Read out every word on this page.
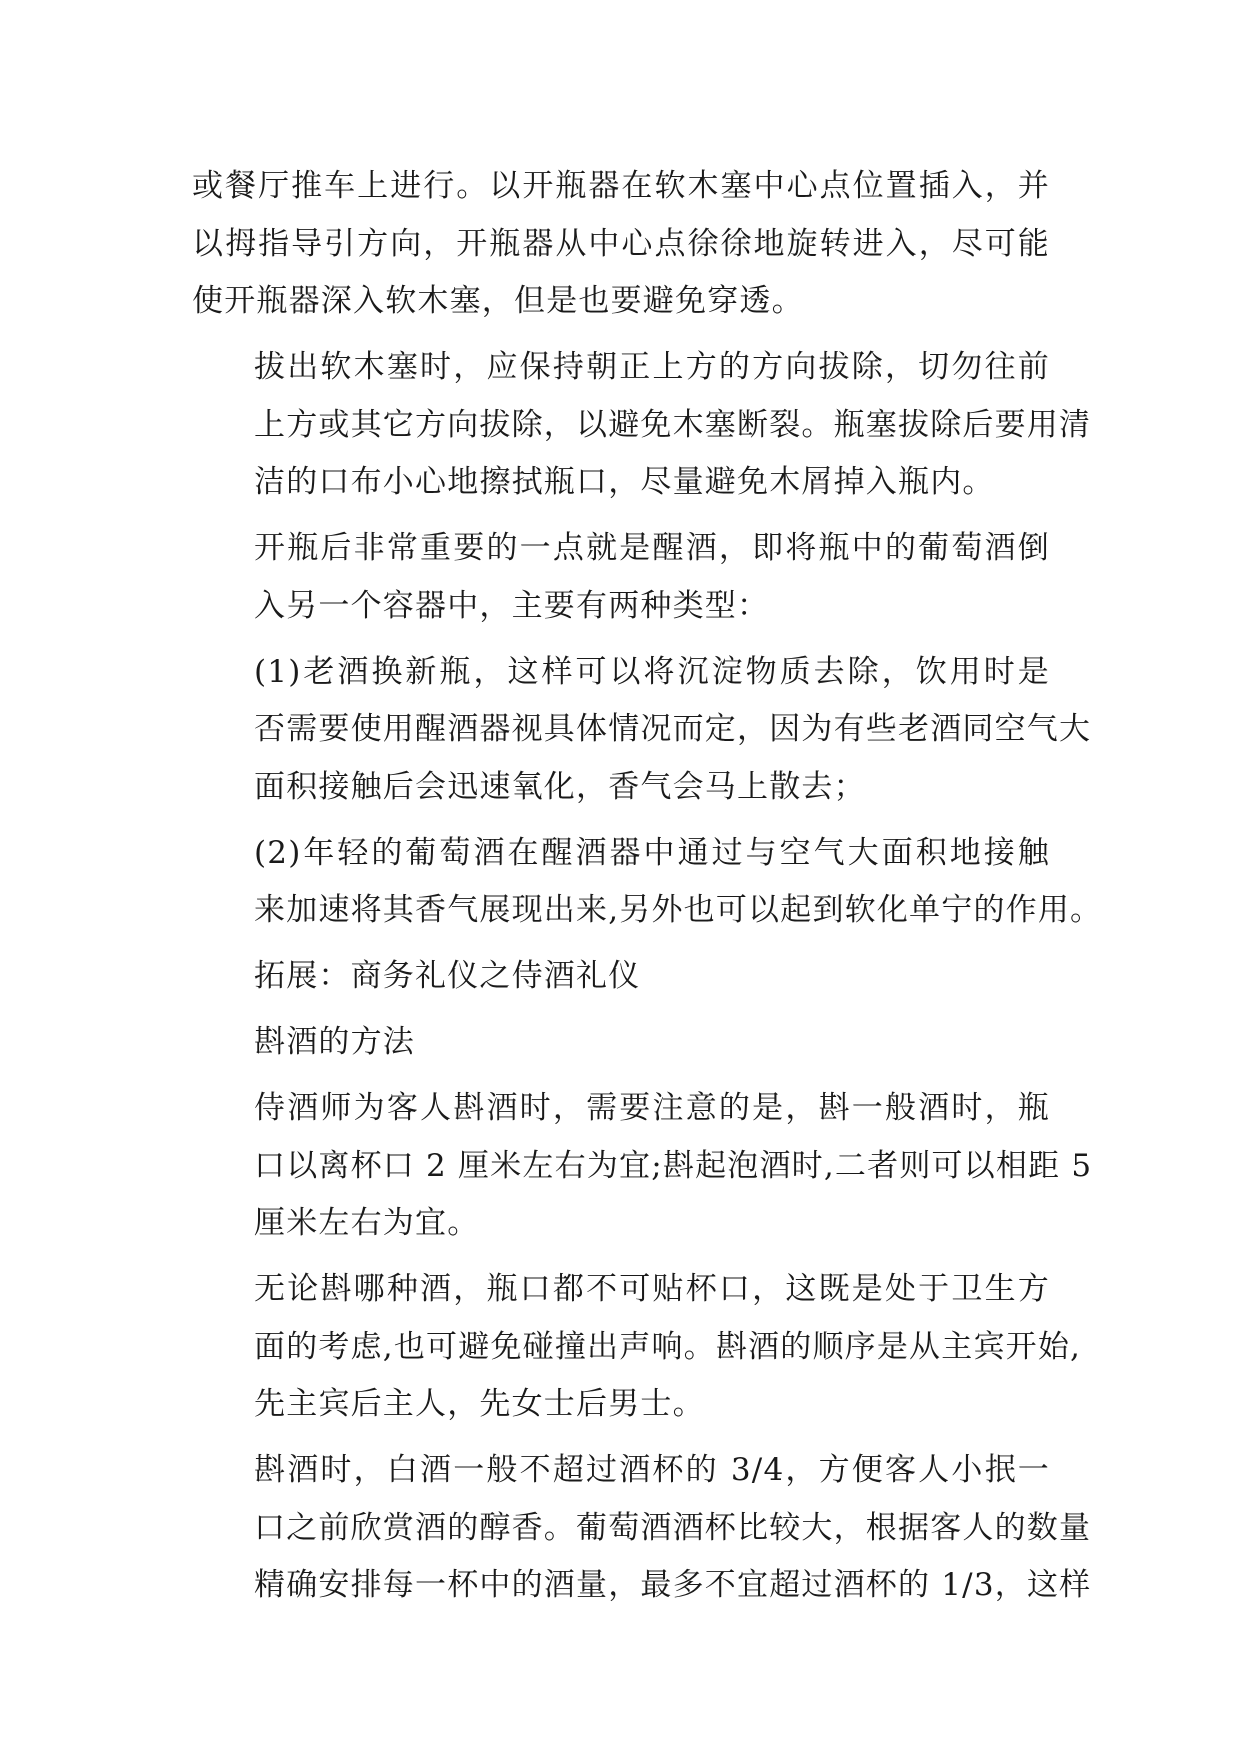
或餐厅推车上进行。以开瓶器在软木塞中心点位置插入，并
以拇指导引方向，开瓶器从中心点徐徐地旋转进入，尽可能
使开瓶器深入软木塞，但是也要避免穿透。

拔出软木塞时，应保持朝正上方的方向拔除，切勿往前
上方或其它方向拔除，以避免木塞断裂。瓶塞拔除后要用清
洁的口布小心地擦拭瓶口，尽量避免木屑掉入瓶内。

开瓶后非常重要的一点就是醒酒，即将瓶中的葡萄酒倒
入另一个容器中，主要有两种类型：

(1)老酒换新瓶，这样可以将沉淀物质去除，饮用时是
否需要使用醒酒器视具体情况而定，因为有些老酒同空气大
面积接触后会迅速氧化，香气会马上散去；

(2)年轻的葡萄酒在醒酒器中通过与空气大面积地接触
来加速将其香气展现出来,另外也可以起到软化单宁的作用。

拓展：商务礼仪之侍酒礼仪

斟酒的方法

侍酒师为客人斟酒时，需要注意的是，斟一般酒时，瓶
口以离杯口 2 厘米左右为宜;斟起泡酒时,二者则可以相距 5
厘米左右为宜。

无论斟哪种酒，瓶口都不可贴杯口，这既是处于卫生方
面的考虑,也可避免碰撞出声响。斟酒的顺序是从主宾开始,
先主宾后主人，先女士后男士。

斟酒时，白酒一般不超过酒杯的 3/4，方便客人小抿一
口之前欣赏酒的醇香。葡萄酒酒杯比较大，根据客人的数量
精确安排每一杯中的酒量，最多不宜超过酒杯的 1/3，这样
